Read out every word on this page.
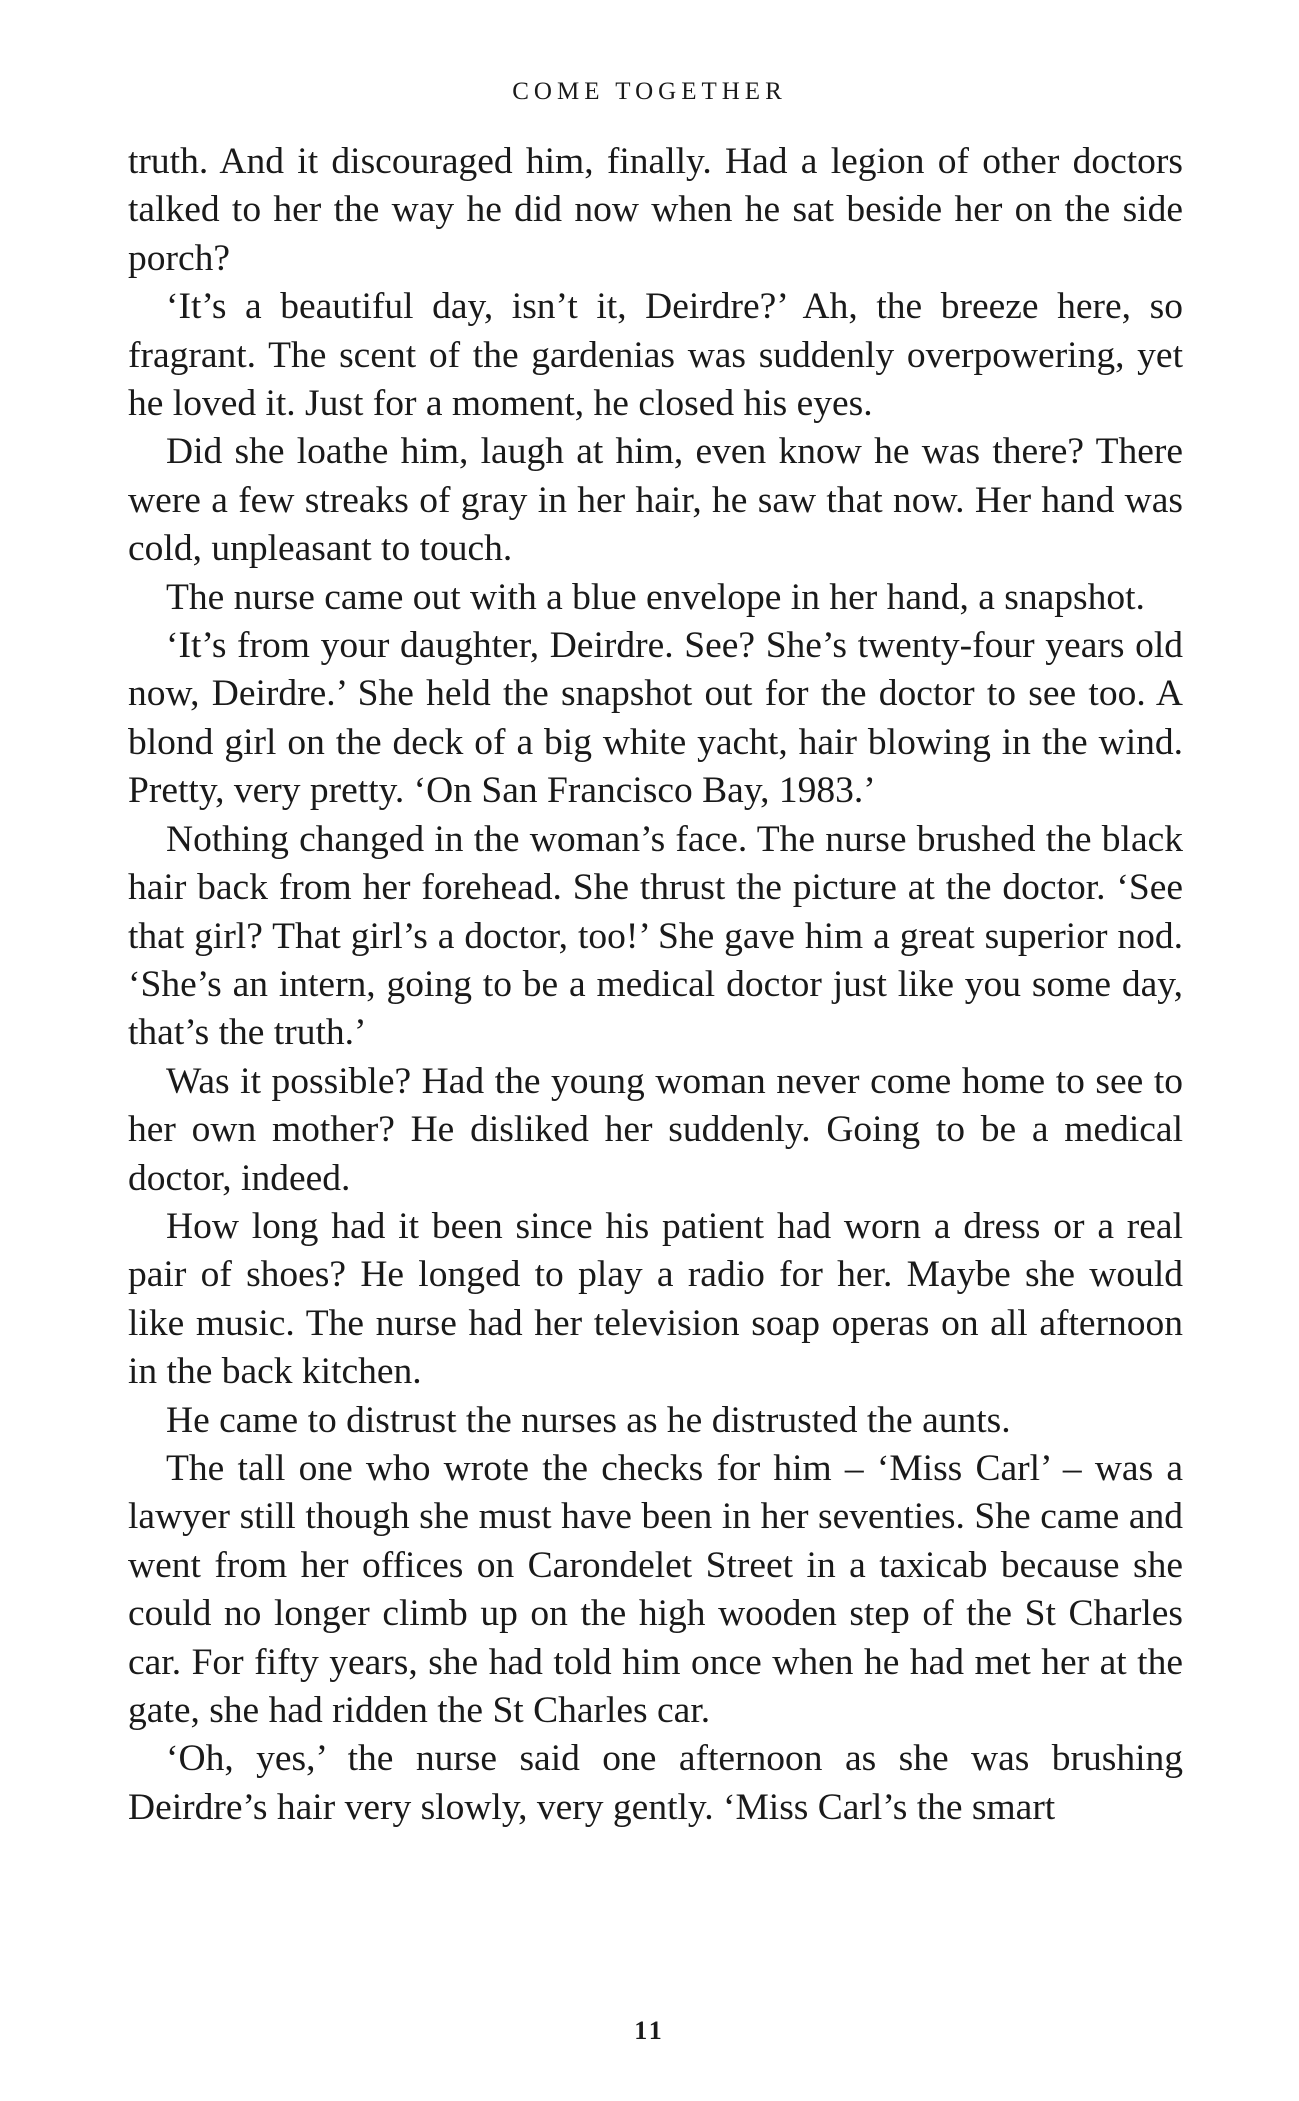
COME TOGETHER

truth. And it discouraged him, finally. Had a legion of other doctors talked to her the way he did now when he sat beside her on the side porch?

‘It’s a beautiful day, isn’t it, Deirdre?’ Ah, the breeze here, so fragrant. The scent of the gardenias was suddenly overpowering, yet he loved it. Just for a moment, he closed his eyes.

Did she loathe him, laugh at him, even know he was there? There were a few streaks of gray in her hair, he saw that now. Her hand was cold, unpleasant to touch.

The nurse came out with a blue envelope in her hand, a snapshot.

‘It’s from your daughter, Deirdre. See? She’s twenty-four years old now, Deirdre.’ She held the snapshot out for the doctor to see too. A blond girl on the deck of a big white yacht, hair blowing in the wind. Pretty, very pretty. ‘On San Francisco Bay, 1983.’

Nothing changed in the woman’s face. The nurse brushed the black hair back from her forehead. She thrust the picture at the doctor. ‘See that girl? That girl’s a doctor, too!’ She gave him a great superior nod. ‘She’s an intern, going to be a medical doctor just like you some day, that’s the truth.’

Was it possible? Had the young woman never come home to see to her own mother? He disliked her suddenly. Going to be a medical doctor, indeed.

How long had it been since his patient had worn a dress or a real pair of shoes? He longed to play a radio for her. Maybe she would like music. The nurse had her television soap operas on all afternoon in the back kitchen.

He came to distrust the nurses as he distrusted the aunts.

The tall one who wrote the checks for him – ‘Miss Carl’ – was a lawyer still though she must have been in her seventies. She came and went from her offices on Carondelet Street in a taxicab because she could no longer climb up on the high wooden step of the St Charles car. For fifty years, she had told him once when he had met her at the gate, she had ridden the St Charles car.

‘Oh, yes,’ the nurse said one afternoon as she was brushing Deirdre’s hair very slowly, very gently. ‘Miss Carl’s the smart

11
